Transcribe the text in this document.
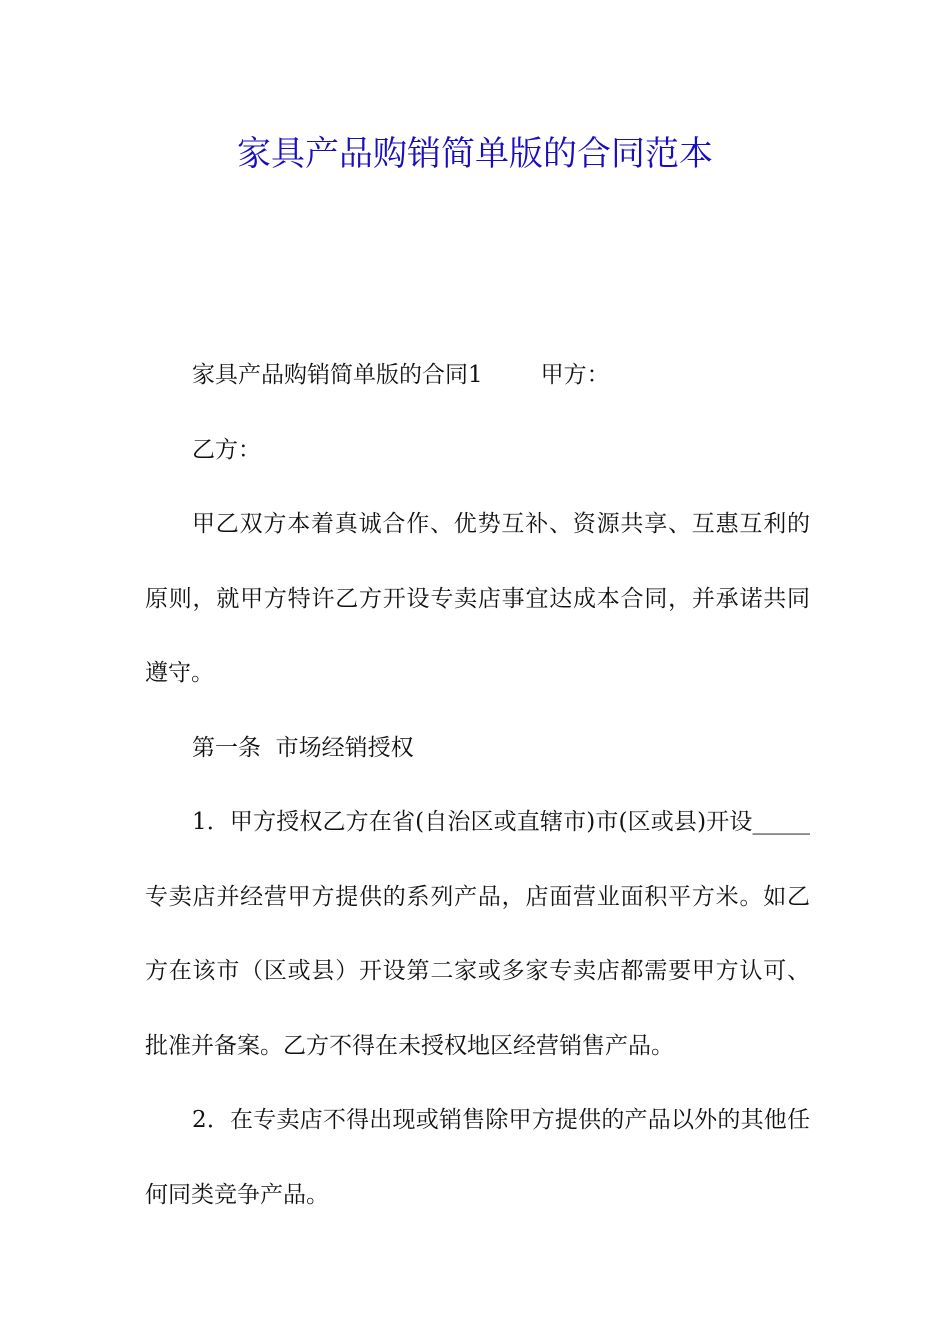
家具产品购销简单版的合同范本

家具产品购销简单版的合同1	甲方：

乙方：

甲乙双方本着真诚合作、优势互补、资源共享、互惠互利的原则，就甲方特许乙方开设专卖店事宜达成本合同，并承诺共同遵守。

第一条  市场经销授权

1．甲方授权乙方在省(自治区或直辖市)市(区或县)开设_____专卖店并经营甲方提供的系列产品，店面营业面积平方米。如乙方在该市（区或县）开设第二家或多家专卖店都需要甲方认可、批准并备案。乙方不得在未授权地区经营销售产品。

2．在专卖店不得出现或销售除甲方提供的产品以外的其他任何同类竞争产品。
